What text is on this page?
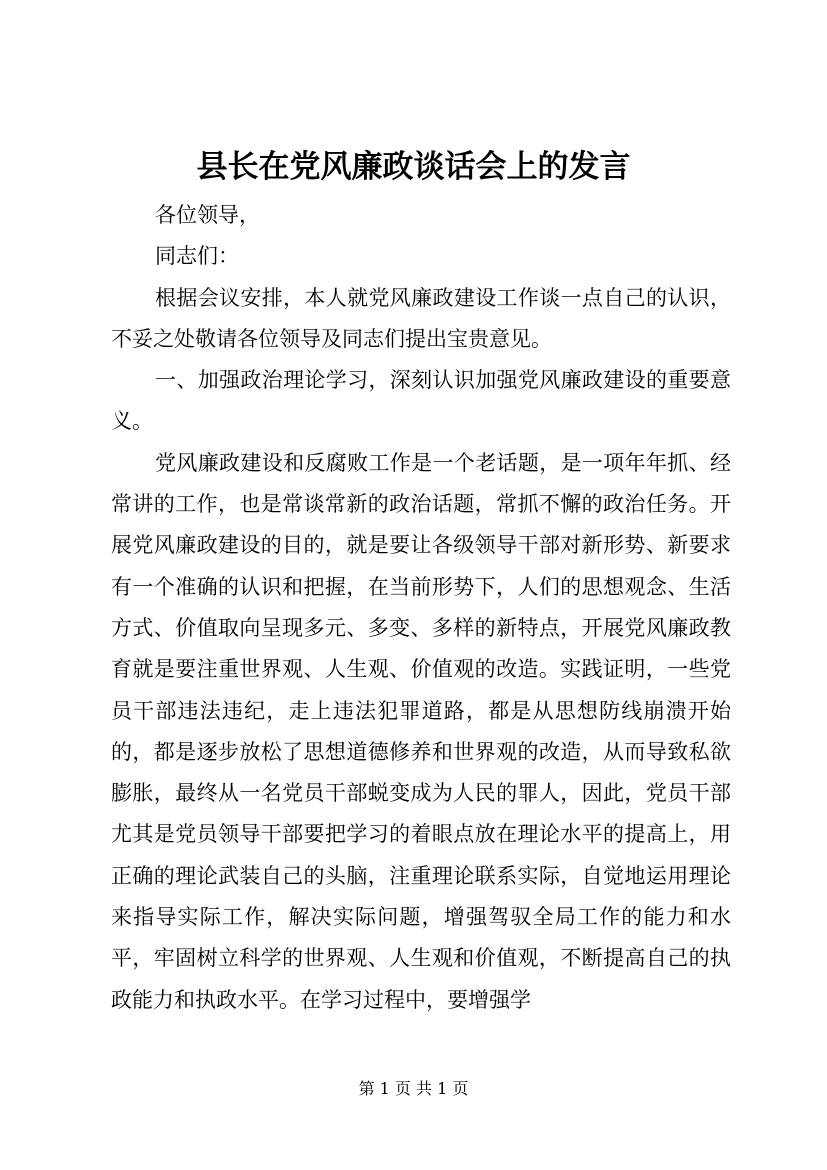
县长在党风廉政谈话会上的发言

各位领导，

同志们：

根据会议安排，本人就党风廉政建设工作谈一点自己的认识，不妥之处敬请各位领导及同志们提出宝贵意见。

一、加强政治理论学习，深刻认识加强党风廉政建设的重要意义。

党风廉政建设和反腐败工作是一个老话题，是一项年年抓、经常讲的工作，也是常谈常新的政治话题，常抓不懈的政治任务。开展党风廉政建设的目的，就是要让各级领导干部对新形势、新要求有一个准确的认识和把握，在当前形势下，人们的思想观念、生活方式、价值取向呈现多元、多变、多样的新特点，开展党风廉政教育就是要注重世界观、人生观、价值观的改造。实践证明，一些党员干部违法违纪，走上违法犯罪道路，都是从思想防线崩溃开始的，都是逐步放松了思想道德修养和世界观的改造，从而导致私欲膨胀，最终从一名党员干部蜕变成为人民的罪人，因此，党员干部尤其是党员领导干部要把学习的着眼点放在理论水平的提高上，用正确的理论武装自己的头脑，注重理论联系实际，自觉地运用理论来指导实际工作，解决实际问题，增强驾驭全局工作的能力和水平，牢固树立科学的世界观、人生观和价值观，不断提高自己的执政能力和执政水平。在学习过程中，要增强学

第 1 页 共 1 页
